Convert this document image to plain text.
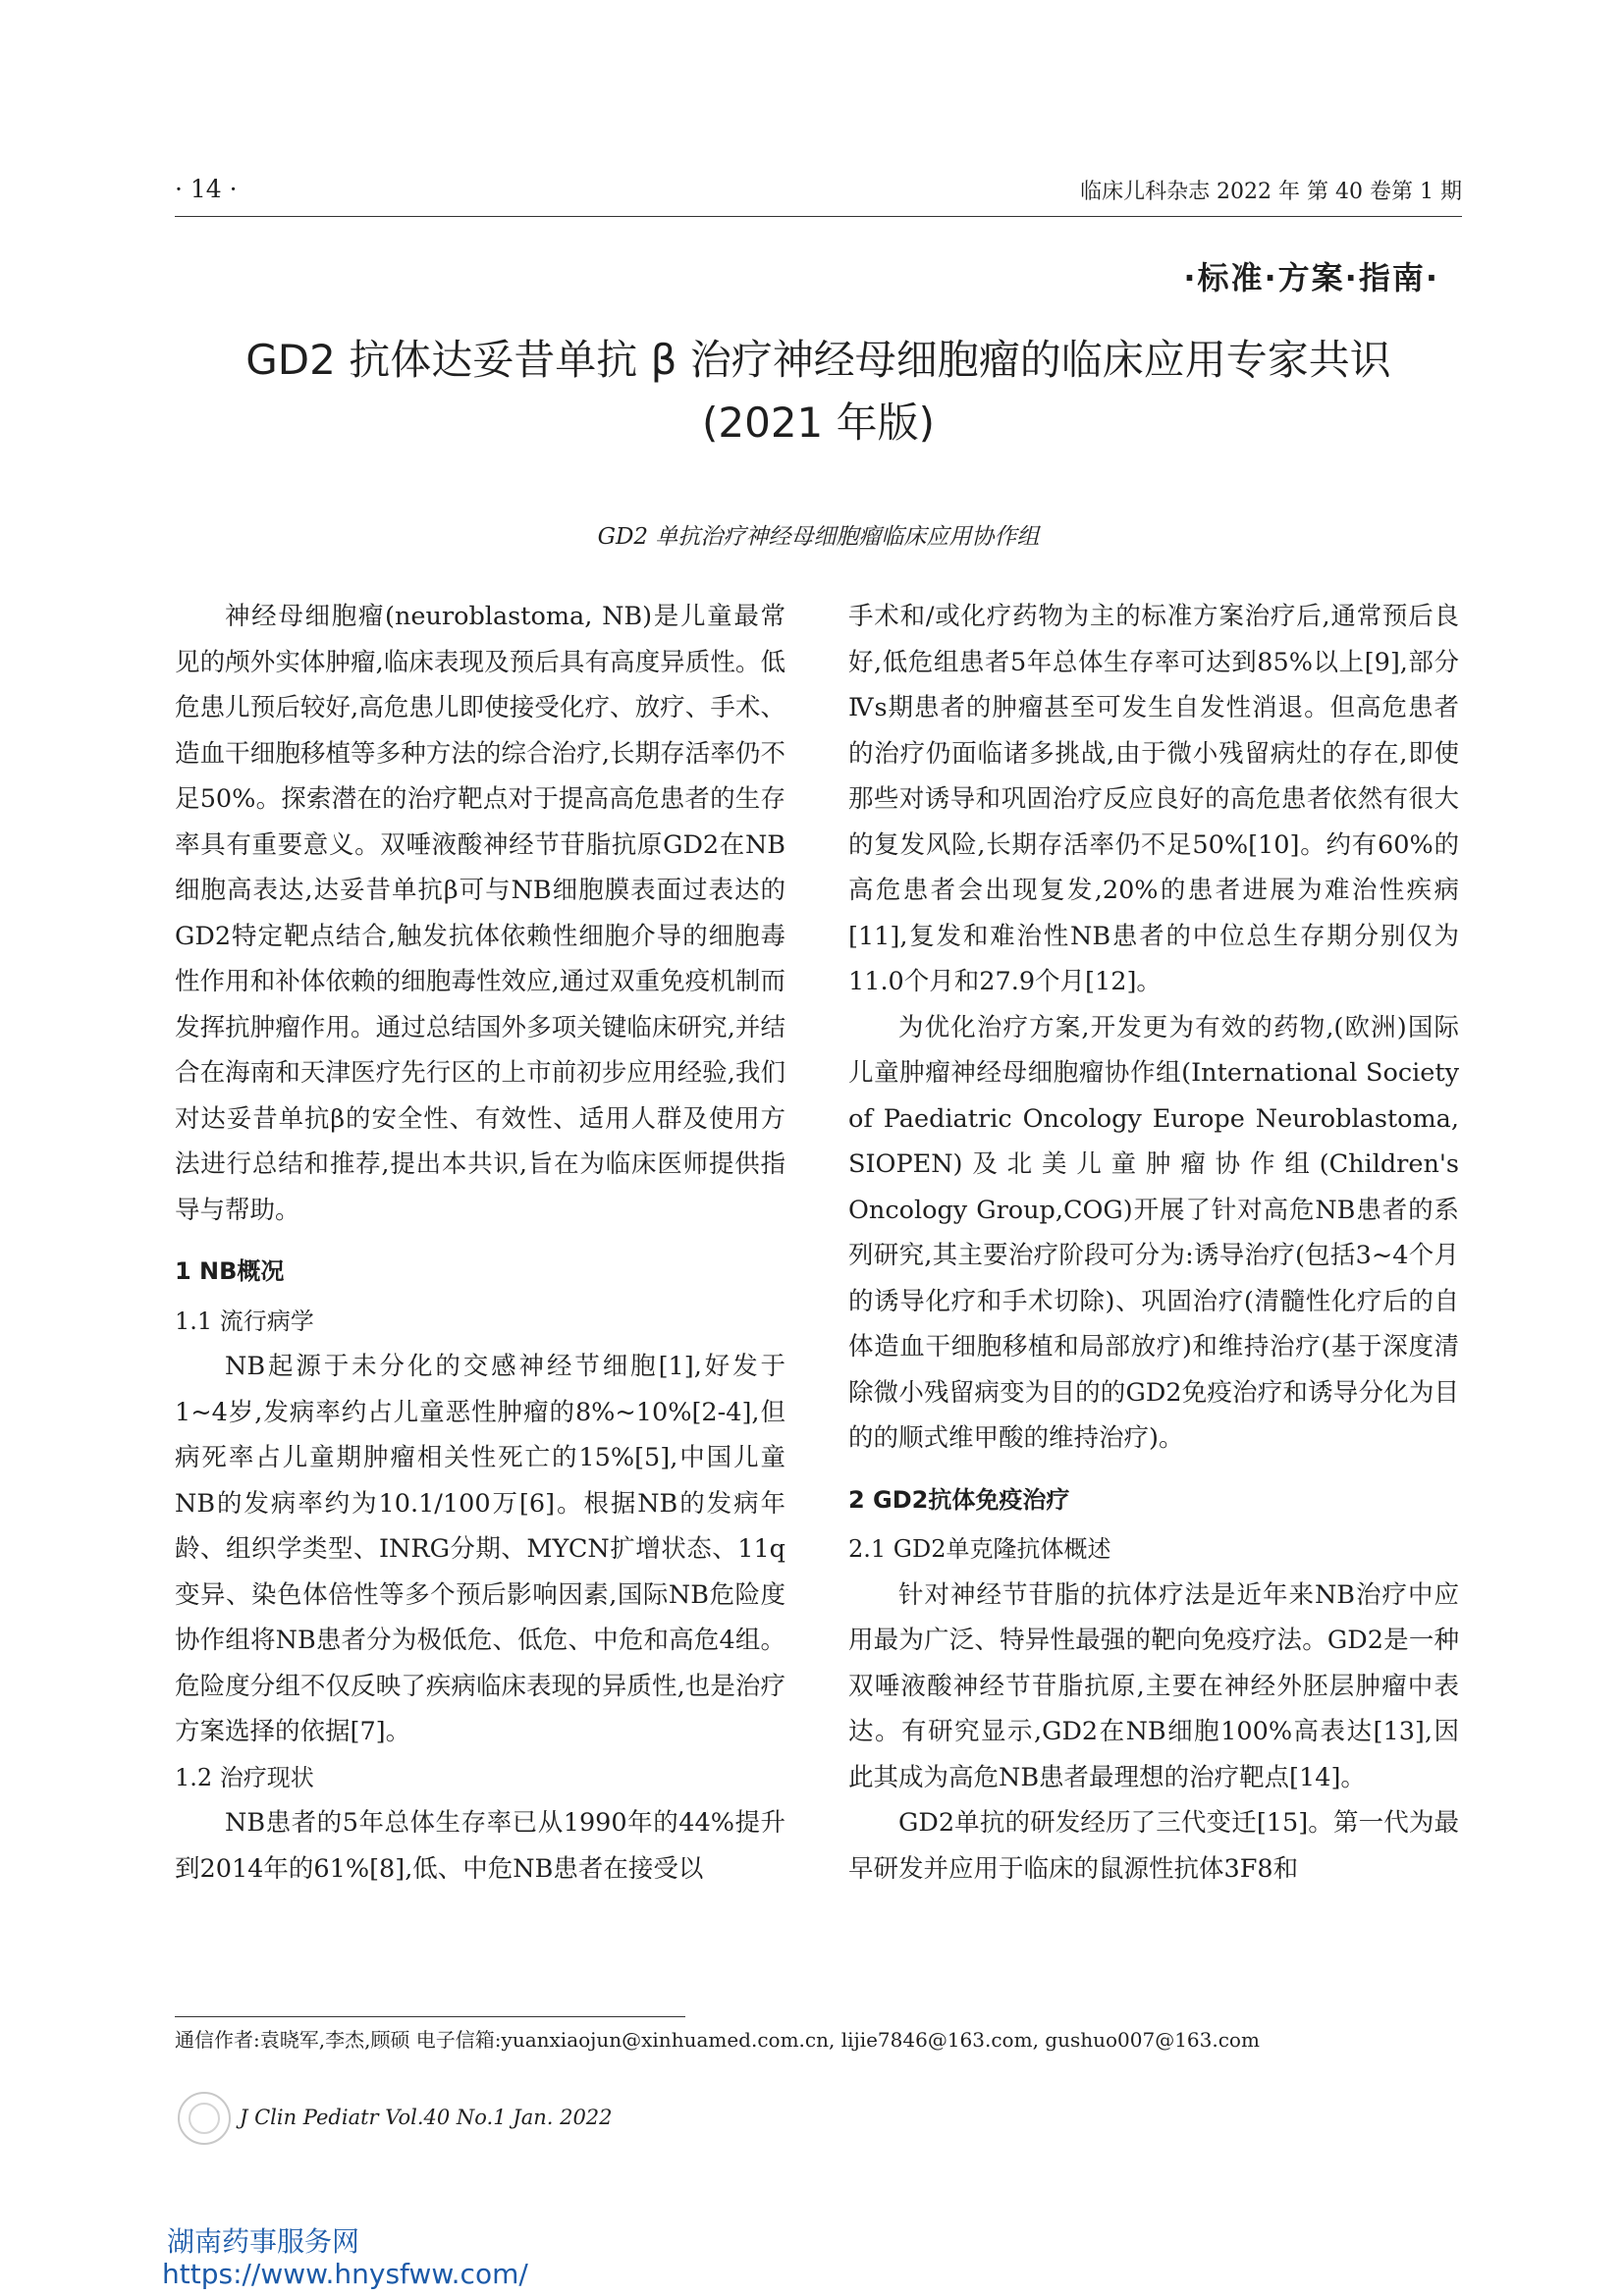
· 14 ·	临床儿科杂志 2022 年 第 40 卷第 1 期
·标准·方案·指南·
GD2 抗体达妥昔单抗 β 治疗神经母细胞瘤的临床应用专家共识
(2021 年版)
GD2 单抗治疗神经母细胞瘤临床应用协作组

神经母细胞瘤(neuroblastoma, NB)是儿童最常见的颅外实体肿瘤,临床表现及预后具有高度异质性。低危患儿预后较好,高危患儿即使接受化疗、放疗、手术、造血干细胞移植等多种方法的综合治疗,长期存活率仍不足50%。探索潜在的治疗靶点对于提高高危患者的生存率具有重要意义。双唾液酸神经节苷脂抗原GD2在NB细胞高表达,达妥昔单抗β可与NB细胞膜表面过表达的GD2特定靶点结合,触发抗体依赖性细胞介导的细胞毒性作用和补体依赖的细胞毒性效应,通过双重免疫机制而发挥抗肿瘤作用。通过总结国外多项关键临床研究,并结合在海南和天津医疗先行区的上市前初步应用经验,我们对达妥昔单抗β的安全性、有效性、适用人群及使用方法进行总结和推荐,提出本共识,旨在为临床医师提供指导与帮助。

1 NB概况

1.1 流行病学

NB起源于未分化的交感神经节细胞[1],好发于1~4岁,发病率约占儿童恶性肿瘤的8%~10%[2-4],但病死率占儿童期肿瘤相关性死亡的15%[5],中国儿童NB的发病率约为10.1/100万[6]。根据NB的发病年龄、组织学类型、INRG分期、MYCN扩增状态、11q变异、染色体倍性等多个预后影响因素,国际NB危险度协作组将NB患者分为极低危、低危、中危和高危4组。危险度分组不仅反映了疾病临床表现的异质性,也是治疗方案选择的依据[7]。

1.2 治疗现状

NB患者的5年总体生存率已从1990年的44%提升到2014年的61%[8],低、中危NB患者在接受以

手术和/或化疗药物为主的标准方案治疗后,通常预后良好,低危组患者5年总体生存率可达到85%以上[9],部分Ⅳs期患者的肿瘤甚至可发生自发性消退。但高危患者的治疗仍面临诸多挑战,由于微小残留病灶的存在,即使那些对诱导和巩固治疗反应良好的高危患者依然有很大的复发风险,长期存活率仍不足50%[10]。约有60%的高危患者会出现复发,20%的患者进展为难治性疾病[11],复发和难治性NB患者的中位总生存期分别仅为11.0个月和27.9个月[12]。

为优化治疗方案,开发更为有效的药物,(欧洲)国际儿童肿瘤神经母细胞瘤协作组(International Society of Paediatric Oncology Europe Neuroblastoma, SIOPEN)及北美儿童肿瘤协作组(Children's Oncology Group,COG)开展了针对高危NB患者的系列研究,其主要治疗阶段可分为:诱导治疗(包括3~4个月的诱导化疗和手术切除)、巩固治疗(清髓性化疗后的自体造血干细胞移植和局部放疗)和维持治疗(基于深度清除微小残留病变为目的的GD2免疫治疗和诱导分化为目的的顺式维甲酸的维持治疗)。

2 GD2抗体免疫治疗

2.1 GD2单克隆抗体概述

针对神经节苷脂的抗体疗法是近年来NB治疗中应用最为广泛、特异性最强的靶向免疫疗法。GD2是一种双唾液酸神经节苷脂抗原,主要在神经外胚层肿瘤中表达。有研究显示,GD2在NB细胞100%高表达[13],因此其成为高危NB患者最理想的治疗靶点[14]。

GD2单抗的研发经历了三代变迁[15]。第一代为最早研发并应用于临床的鼠源性抗体3F8和

通信作者:袁晓军,李杰,顾硕 电子信箱:yuanxiaojun@xinhuamed.com.cn, lijie7846@163.com, gushuo007@163.com
J Clin Pediatr Vol.40 No.1 Jan. 2022
湖南药事服务网
https://www.hnysfww.com/
